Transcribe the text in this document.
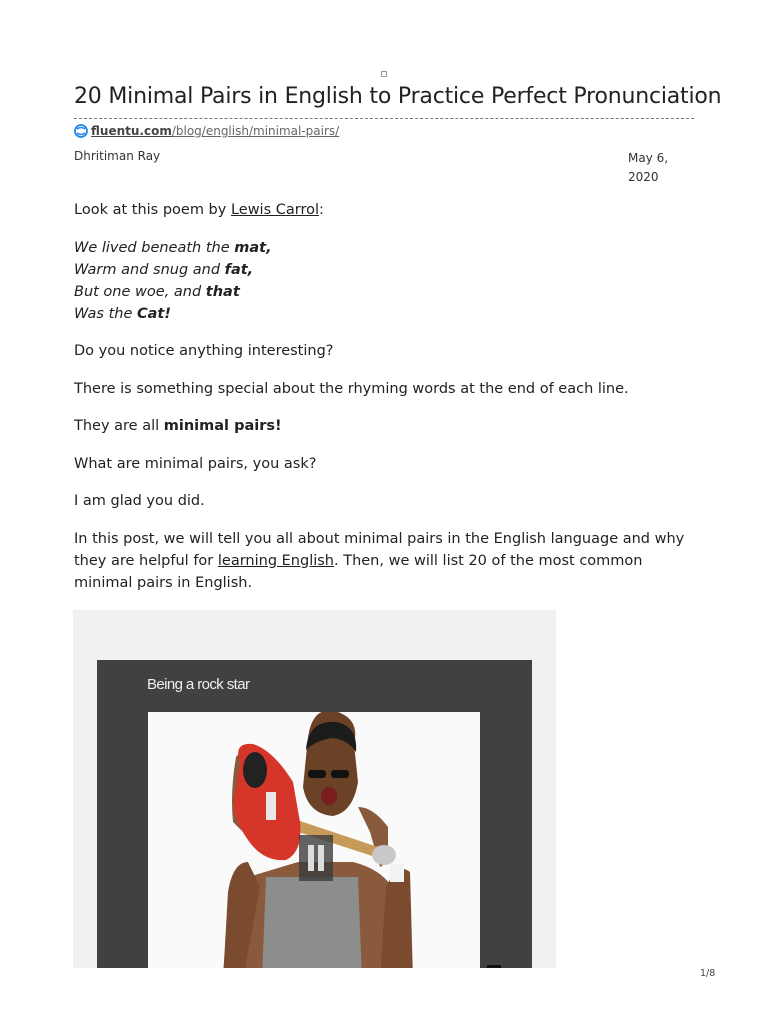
20 Minimal Pairs in English to Practice Perfect Pronunciation
fluentu.com/blog/english/minimal-pairs/
Dhritiman Ray	May 6,
2020

Look at this poem by Lewis Carrol:

We lived beneath the mat,
Warm and snug and fat,
But one woe, and that
Was the Cat!

Do you notice anything interesting?

There is something special about the rhyming words at the end of each line.

They are all minimal pairs!

What are minimal pairs, you ask?

I am glad you did.

In this post, we will tell you all about minimal pairs in the English language and why they are helpful for learning English. Then, we will list 20 of the most common minimal pairs in English.

Being a rock star
1/8
